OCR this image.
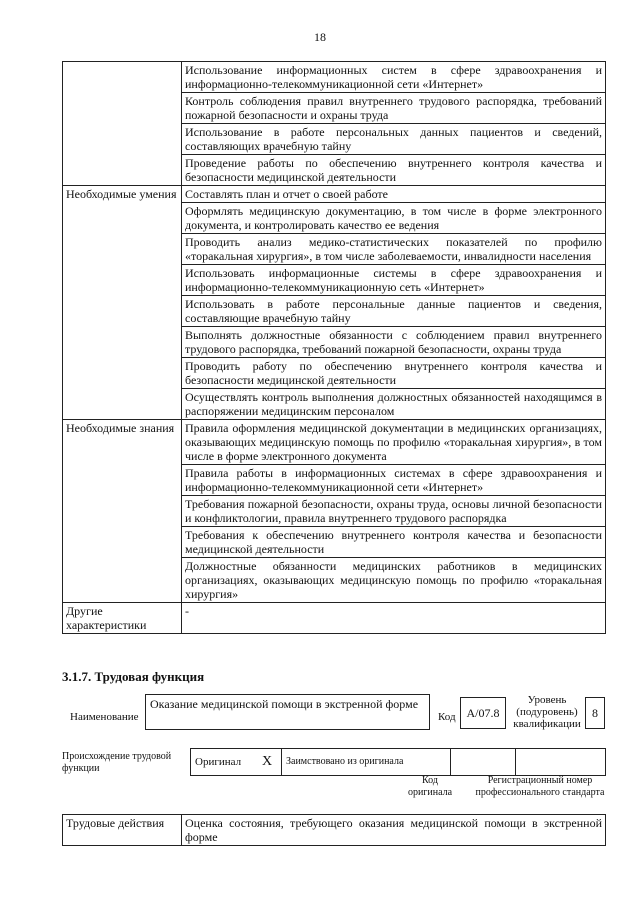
18
	Использование информационных систем в сфере здравоохранения и информационно-телекоммуникационной сети «Интернет»
	Контроль соблюдения правил внутреннего трудового распорядка, требований пожарной безопасности и охраны труда
	Использование в работе персональных данных пациентов и сведений, составляющих врачебную тайну
	Проведение работы по обеспечению внутреннего контроля качества и безопасности медицинской деятельности
Необходимые умения	Составлять план и отчет о своей работе
	Оформлять медицинскую документацию, в том числе в форме электронного документа, и контролировать качество ее ведения
	Проводить анализ медико-статистических показателей по профилю «торакальная хирургия», в том числе заболеваемости, инвалидности населения
	Использовать информационные системы в сфере здравоохранения и информационно-телекоммуникационную сеть «Интернет»
	Использовать в работе персональные данные пациентов и сведения, составляющие врачебную тайну
	Выполнять должностные обязанности с соблюдением правил внутреннего трудового распорядка, требований пожарной безопасности, охраны труда
	Проводить работу по обеспечению внутреннего контроля качества и безопасности медицинской деятельности
	Осуществлять контроль выполнения должностных обязанностей находящимся в распоряжении медицинским персоналом
Необходимые знания	Правила оформления медицинской документации в медицинских организациях, оказывающих медицинскую помощь по профилю «торакальная хирургия», в том числе в форме электронного документа
	Правила работы в информационных системах в сфере здравоохранения и информационно-телекоммуникационной сети «Интернет»
	Требования пожарной безопасности, охраны труда, основы личной безопасности и конфликтологии, правила внутреннего трудового распорядка
	Требования к обеспечению внутреннего контроля качества и безопасности медицинской деятельности
	Должностные обязанности медицинских работников в медицинских организациях, оказывающих медицинскую помощь по профилю «торакальная хирургия»
Другие характеристики	-
3.1.7. Трудовая функция
Наименование
Оказание медицинской помощи в экстренной форме
Код А/07.8
Уровень (подуровень) квалификации
8
Происхождение трудовой функции
Оригинал	Х	Заимствовано из оригинала		
Код оригинала
Регистрационный номер профессионального стандарта
Трудовые действия	Оценка состояния, требующего оказания медицинской помощи в экстренной форме
